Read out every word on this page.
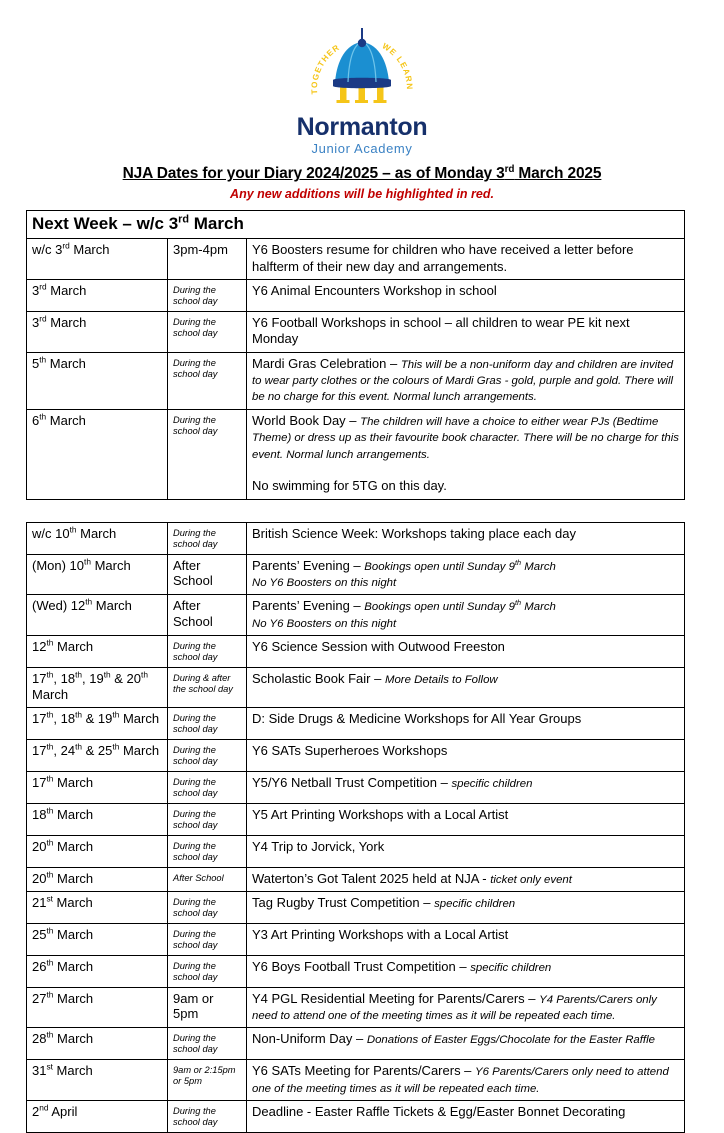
TOGETHER	WE LEARN
Normanton
Junior Academy
NJA Dates for your Diary 2024/2025 – as of Monday 3rd March 2025
Any new additions will be highlighted in red.
Next Week – w/c 3rd March		
w/c 3rd March	3pm-4pm	Y6 Boosters resume for children who have received a letter before halfterm of their new day and arrangements.
3rd March	During the school day	Y6 Animal Encounters Workshop in school
3rd March	During the school day	Y6 Football Workshops in school – all children to wear PE kit next Monday
5th March	During the school day	Mardi Gras Celebration – This will be a non-uniform day and children are invited to wear party clothes or the colours of Mardi Gras - gold, purple and gold. There will be no charge for this event. Normal lunch arrangements.
6th March	During the school day	World Book Day – The children will have a choice to either wear PJs (Bedtime Theme) or dress up as their favourite book character. There will be no charge for this event. Normal lunch arrangements.

No swimming for 5TG on this day.
w/c 10th March	During the school day	British Science Week: Workshops taking place each day
(Mon) 10th March	After School	Parents’ Evening – Bookings open until Sunday 9th March
No Y6 Boosters on this night
(Wed) 12th March	After School	Parents’ Evening – Bookings open until Sunday 9th March
No Y6 Boosters on this night
12th March	During the school day	Y6 Science Session with Outwood Freeston
17th, 18th, 19th & 20th March	During & after the school day	Scholastic Book Fair – More Details to Follow
17th, 18th & 19th March	During the school day	D: Side Drugs & Medicine Workshops for All Year Groups
17th, 24th & 25th March	During the school day	Y6 SATs Superheroes Workshops
17th March	During the school day	Y5/Y6 Netball Trust Competition – specific children
18th March	During the school day	Y5 Art Printing Workshops with a Local Artist
20th March	During the school day	Y4 Trip to Jorvick, York
20th March	After School	Waterton’s Got Talent 2025 held at NJA - ticket only event
21st March	During the school day	Tag Rugby Trust Competition – specific children
25th March	During the school day	Y3 Art Printing Workshops with a Local Artist
26th March	During the school day	Y6 Boys Football Trust Competition – specific children
27th March	9am or 5pm	Y4 PGL Residential Meeting for Parents/Carers – Y4 Parents/Carers only need to attend one of the meeting times as it will be repeated each time.
28th March	During the school day	Non-Uniform Day – Donations of Easter Eggs/Chocolate for the Easter Raffle
31st March	9am or 2:15pm or 5pm	Y6 SATs Meeting for Parents/Carers – Y6 Parents/Carers only need to attend one of the meeting times as it will be repeated each time.
2nd April	During the school day	Deadline - Easter Raffle Tickets & Egg/Easter Bonnet Decorating
